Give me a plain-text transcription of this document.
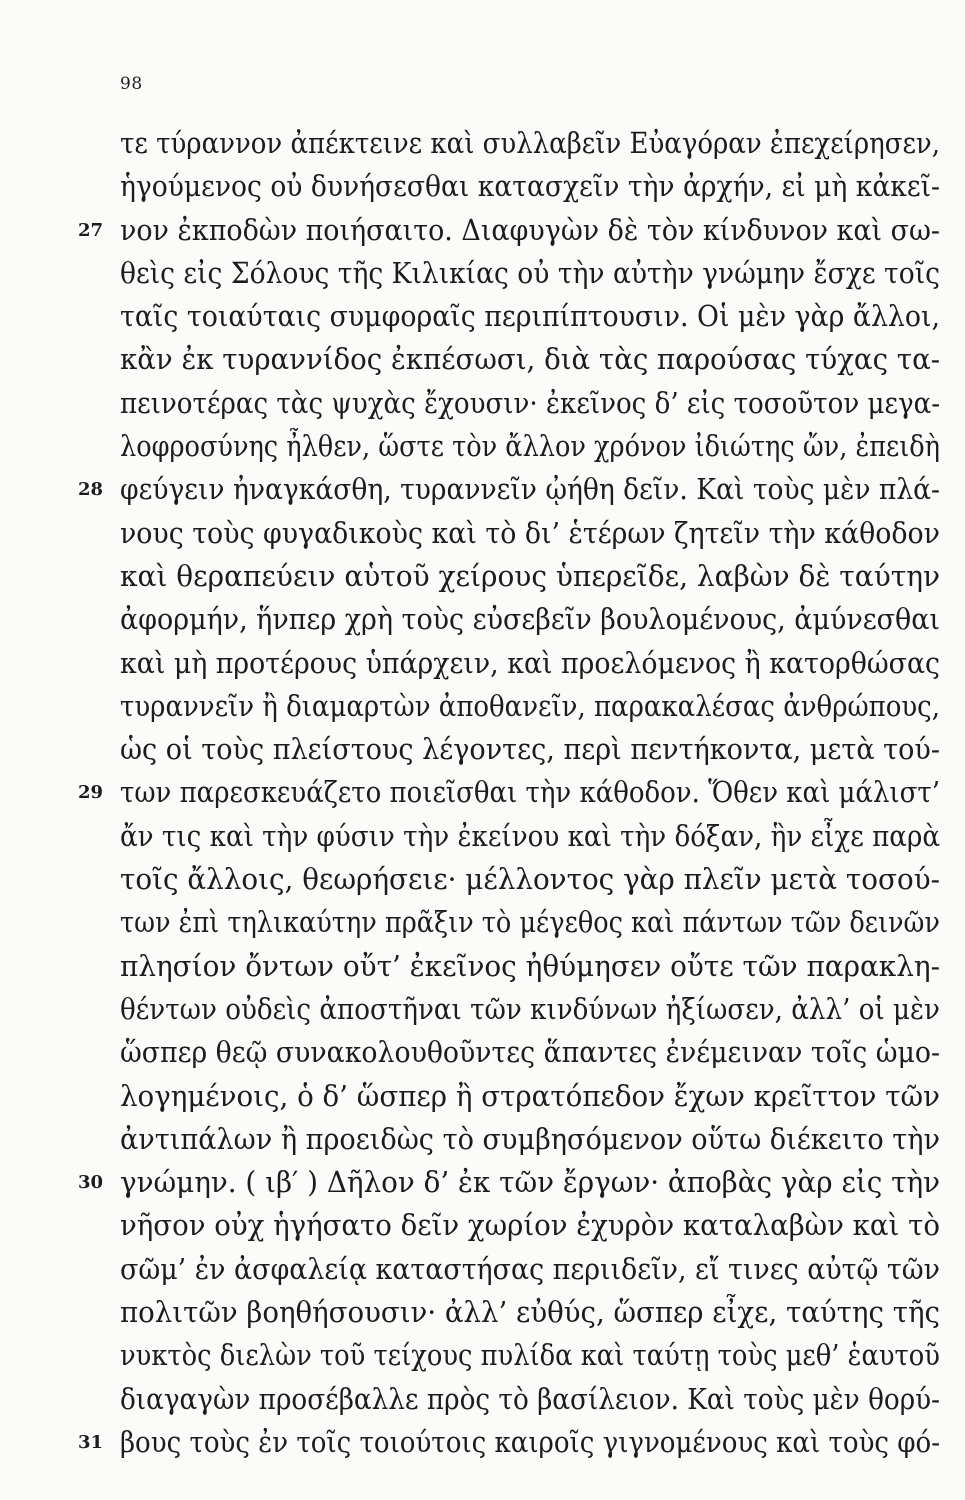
98
τε τύραννον ἀπέκτεινε καὶ συλλαβεῖν Εὐαγόραν ἐπεχείρησεν,
ἡγούμενος οὐ δυνήσεσθαι κατασχεῖν τὴν ἀρχήν, εἰ μὴ κἀκεῖ-
27 νον ἐκποδὼν ποιήσαιτο. Διαφυγὼν δὲ τὸν κίνδυνον καὶ σω-
θεὶς εἰς Σόλους τῆς Κιλικίας οὐ τὴν αὐτὴν γνώμην ἔσχε τοῖς
ταῖς τοιαύταις συμφοραῖς περιπίπτουσιν. Οἱ μὲν γὰρ ἄλλοι,
κἂν ἐκ τυραννίδος ἐκπέσωσι, διὰ τὰς παρούσας τύχας τα-
πεινοτέρας τὰς ψυχὰς ἔχουσιν· ἐκεῖνος δ’ εἰς τοσοῦτον μεγα-
λοφροσύνης ἦλθεν, ὥστε τὸν ἄλλον χρόνον ἰδιώτης ὤν, ἐπειδὴ
28 φεύγειν ἠναγκάσθη, τυραννεῖν ᾠήθη δεῖν. Καὶ τοὺς μὲν πλά-
νους τοὺς φυγαδικοὺς καὶ τὸ δι’ ἑτέρων ζητεῖν τὴν κάθοδον
καὶ θεραπεύειν αὑτοῦ χείρους ὑπερεῖδε, λαβὼν δὲ ταύτην
ἀφορμήν, ἥνπερ χρὴ τοὺς εὐσεβεῖν βουλομένους, ἀμύνεσθαι
καὶ μὴ προτέρους ὑπάρχειν, καὶ προελόμενος ἢ κατορθώσας
τυραννεῖν ἢ διαμαρτὼν ἀποθανεῖν, παρακαλέσας ἀνθρώπους,
ὡς οἱ τοὺς πλείστους λέγοντες, περὶ πεντήκοντα, μετὰ τού-
29 των παρεσκευάζετο ποιεῖσθαι τὴν κάθοδον. Ὅθεν καὶ μάλιστ’
ἄν τις καὶ τὴν φύσιν τὴν ἐκείνου καὶ τὴν δόξαν, ἣν εἶχε παρὰ
τοῖς ἄλλοις, θεωρήσειε· μέλλοντος γὰρ πλεῖν μετὰ τοσού-
των ἐπὶ τηλικαύτην πρᾶξιν τὸ μέγεθος καὶ πάντων τῶν δεινῶν
πλησίον ὄντων οὔτ’ ἐκεῖνος ἠθύμησεν οὔτε τῶν παρακλη-
θέντων οὐδεὶς ἀποστῆναι τῶν κινδύνων ἠξίωσεν, ἀλλ’ οἱ μὲν
ὥσπερ θεῷ συνακολουθοῦντες ἅπαντες ἐνέμειναν τοῖς ὡμο-
λογημένοις, ὁ δ’ ὥσπερ ἢ στρατόπεδον ἔχων κρεῖττον τῶν
ἀντιπάλων ἢ προειδὼς τὸ συμβησόμενον οὕτω διέκειτο τὴν
30 γνώμην. ( ιβ′ ) Δῆλον δ’ ἐκ τῶν ἔργων· ἀποβὰς γὰρ εἰς τὴν
νῆσον οὐχ ἡγήσατο δεῖν χωρίον ἐχυρὸν καταλαβὼν καὶ τὸ
σῶμ’ ἐν ἀσφαλείᾳ καταστήσας περιιδεῖν, εἴ τινες αὐτῷ τῶν
πολιτῶν βοηθήσουσιν· ἀλλ’ εὐθύς, ὥσπερ εἶχε, ταύτης τῆς
νυκτὸς διελὼν τοῦ τείχους πυλίδα καὶ ταύτῃ τοὺς μεθ’ ἑαυτοῦ
διαγαγὼν προσέβαλλε πρὸς τὸ βασίλειον. Καὶ τοὺς μὲν θορύ-
31 βους τοὺς ἐν τοῖς τοιούτοις καιροῖς γιγνομένους καὶ τοὺς φό-
